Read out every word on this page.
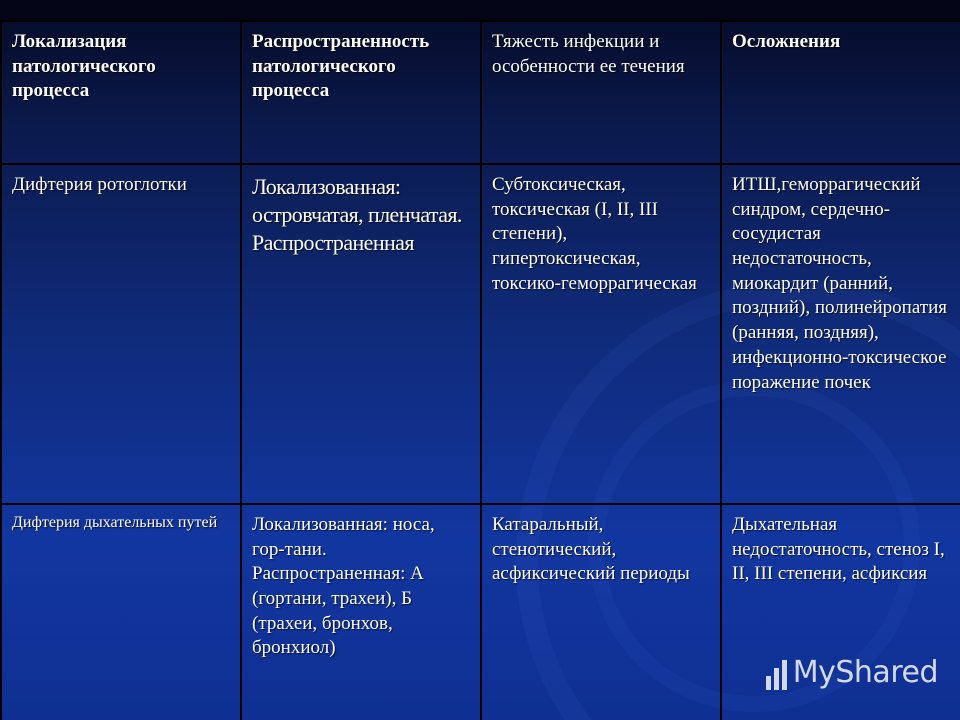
Локализация патологического процесса	Распространенность патологического процесса	Тяжесть инфекции и особенности ее течения	Осложнения
Дифтерия ротоглотки	Локализованная: островчатая, пленчатая. Распространенная	Субтоксическая, токсическая (I, II, III степени), гипертоксическая, токсико-геморрагическая	ИТШ,геморрагический синдром, сердечно-сосудистая недостаточность, миокардит (ранний, поздний), полинейропатия (ранняя, поздняя), инфекционно-токсическое поражение почек
Дифтерия дыхательных путей	Локализованная: носа, гор-тани. Распространенная: А (гортани, трахеи), Б (трахеи, бронхов, бронхиол)	Катаральный, стенотический, асфиксический периоды	Дыхательная недостаточность, стеноз I, II, III степени, асфиксия
MyShared
